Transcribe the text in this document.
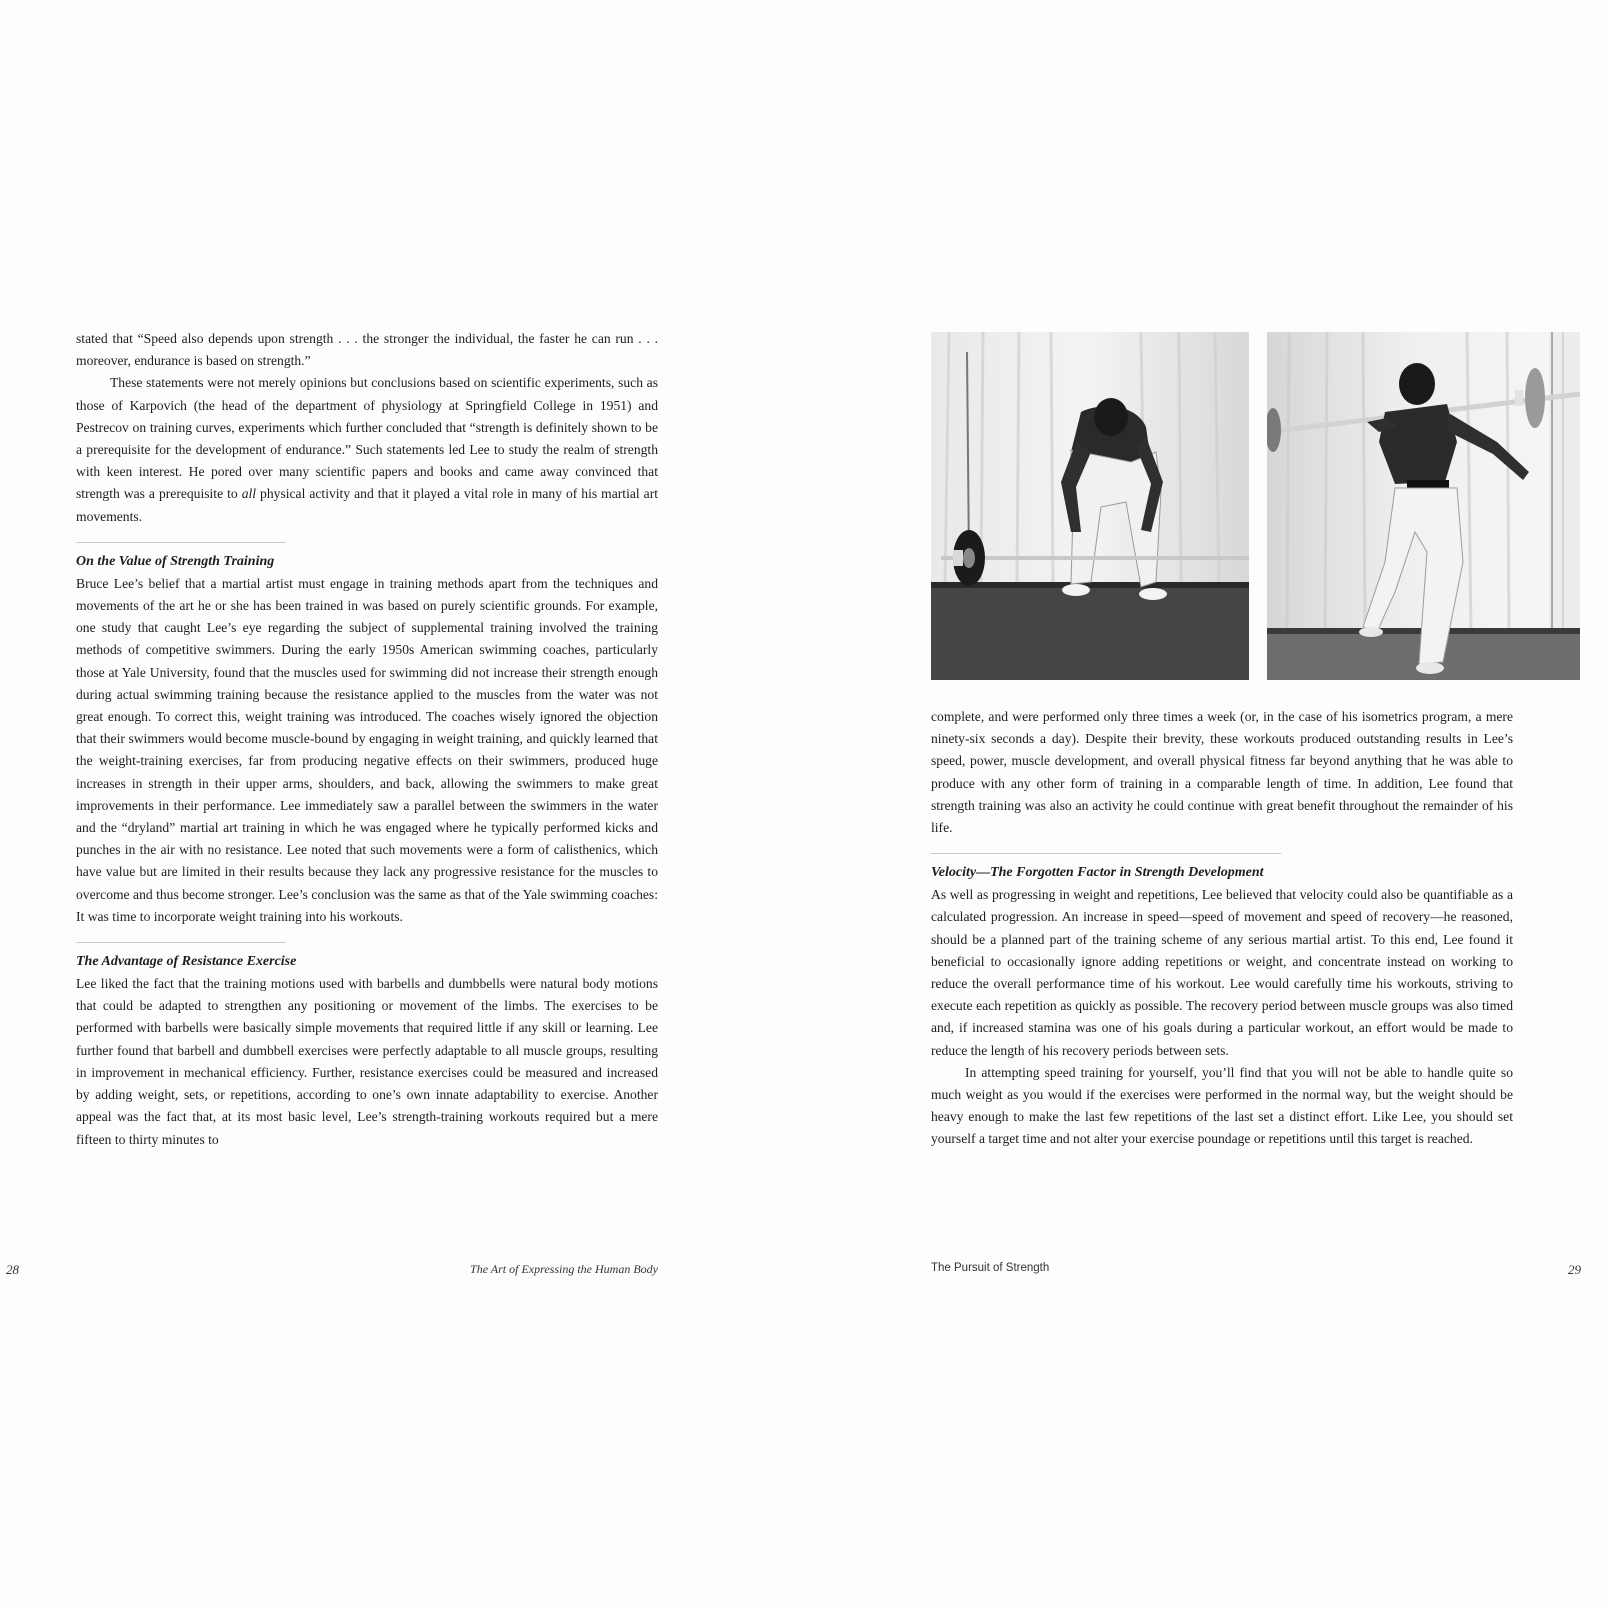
stated that “Speed also depends upon strength . . . the stronger the individual, the faster he can run . . . moreover, endurance is based on strength.”

These statements were not merely opinions but conclusions based on scientific experiments, such as those of Karpovich (the head of the department of physiology at Springfield College in 1951) and Pestrecov on training curves, experiments which further concluded that “strength is definitely shown to be a prerequisite for the development of endurance.” Such statements led Lee to study the realm of strength with keen interest. He pored over many scientific papers and books and came away convinced that strength was a prerequisite to all physical activity and that it played a vital role in many of his martial art movements.

On the Value of Strength Training

Bruce Lee’s belief that a martial artist must engage in training methods apart from the techniques and movements of the art he or she has been trained in was based on purely scientific grounds. For example, one study that caught Lee’s eye regarding the subject of supplemental training involved the training methods of competitive swimmers. During the early 1950s American swimming coaches, particularly those at Yale University, found that the muscles used for swimming did not increase their strength enough during actual swimming training because the resistance applied to the muscles from the water was not great enough. To correct this, weight training was introduced. The coaches wisely ignored the objection that their swimmers would become muscle-bound by engaging in weight training, and quickly learned that the weight-training exercises, far from producing negative effects on their swimmers, produced huge increases in strength in their upper arms, shoulders, and back, allowing the swimmers to make great improvements in their performance. Lee immediately saw a parallel between the swimmers in the water and the “dryland” martial art training in which he was engaged where he typically performed kicks and punches in the air with no resistance. Lee noted that such movements were a form of calisthenics, which have value but are limited in their results because they lack any progressive resistance for the muscles to overcome and thus become stronger. Lee’s conclusion was the same as that of the Yale swimming coaches: It was time to incorporate weight training into his workouts.

The Advantage of Resistance Exercise

Lee liked the fact that the training motions used with barbells and dumbbells were natural body motions that could be adapted to strengthen any positioning or movement of the limbs. The exercises to be performed with barbells were basically simple movements that required little if any skill or learning. Lee further found that barbell and dumbbell exercises were perfectly adaptable to all muscle groups, resulting in improvement in mechanical efficiency. Further, resistance exercises could be measured and increased by adding weight, sets, or repetitions, according to one’s own innate adaptability to exercise. Another appeal was the fact that, at its most basic level, Lee’s strength-training workouts required but a mere fifteen to thirty minutes to

28	The Art of Expressing the Human Body

complete, and were performed only three times a week (or, in the case of his isometrics program, a mere ninety-six seconds a day). Despite their brevity, these workouts produced outstanding results in Lee’s speed, power, muscle development, and overall physical fitness far beyond anything that he was able to produce with any other form of training in a comparable length of time. In addition, Lee found that strength training was also an activity he could continue with great benefit throughout the remainder of his life.

Velocity—The Forgotten Factor in Strength Development

As well as progressing in weight and repetitions, Lee believed that velocity could also be quantifiable as a calculated progression. An increase in speed—speed of movement and speed of recovery—he reasoned, should be a planned part of the training scheme of any serious martial artist. To this end, Lee found it beneficial to occasionally ignore adding repetitions or weight, and concentrate instead on working to reduce the overall performance time of his workout. Lee would carefully time his workouts, striving to execute each repetition as quickly as possible. The recovery period between muscle groups was also timed and, if increased stamina was one of his goals during a particular workout, an effort would be made to reduce the length of his recovery periods between sets.

In attempting speed training for yourself, you’ll find that you will not be able to handle quite so much weight as you would if the exercises were performed in the normal way, but the weight should be heavy enough to make the last few repetitions of the last set a distinct effort. Like Lee, you should set yourself a target time and not alter your exercise poundage or repetitions until this target is reached.

The Pursuit of Strength	29
